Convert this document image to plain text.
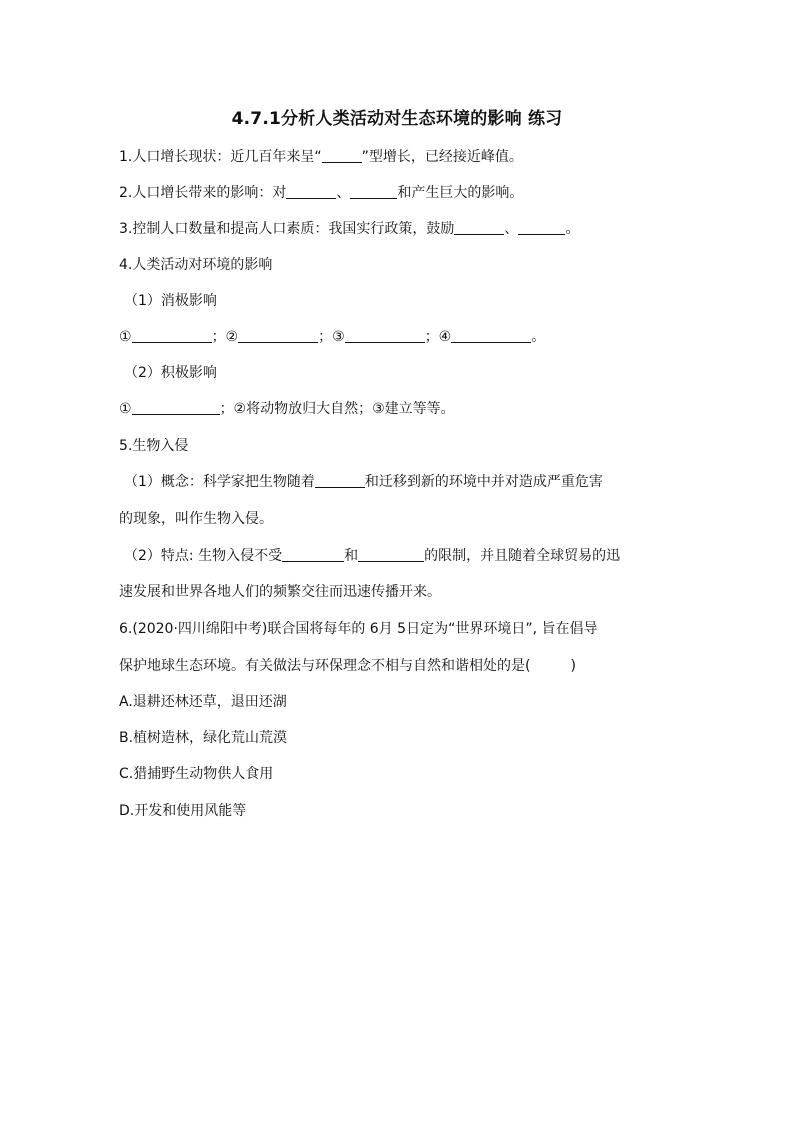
4.7.1分析人类活动对生态环境的影响 练习
1.人口增长现状：近几百年来呈“	”型增长，已经接近峰值。
2.人口增长带来的影响：对	、	和产生巨大的影响。
3.控制人口数量和提高人口素质：我国实行政策，鼓励	、	。
4.人类活动对环境的影响
（1）消极影响
①	；②	；③	；④	。
（2）积极影响
①	；②将动物放归大自然；③建立等等。
5.生物入侵
（1）概念：科学家把生物随着	和迁移到新的环境中并对造成严重危害
的现象，叫作生物入侵。
（2）特点: 生物入侵不受	和	的限制，并且随着全球贸易的迅
速发展和世界各地人们的频繁交往而迅速传播开来。
6.(2020·四川绵阳中考)联合国将每年的 6月 5日定为“世界环境日”, 旨在倡导
保护地球生态环境。有关做法与环保理念不相与自然和谐相处的是(	)
A.退耕还林还草，退田还湖
B.植树造林，绿化荒山荒漠
C.猎捕野生动物供人食用
D.开发和使用风能等
